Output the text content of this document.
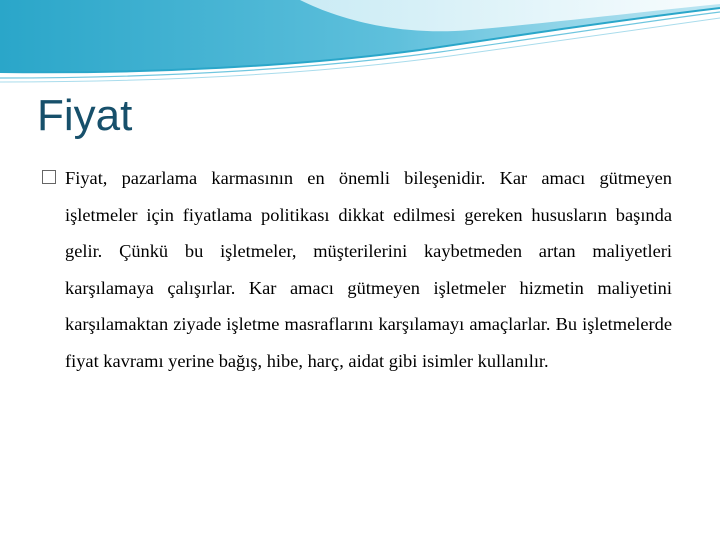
Fiyat
Fiyat, pazarlama karmasının en önemli bileşenidir. Kar amacı gütmeyen işletmeler için fiyatlama politikası dikkat edilmesi gereken hususların başında gelir. Çünkü bu işletmeler, müşterilerini kaybetmeden artan maliyetleri karşılamaya çalışırlar. Kar amacı gütmeyen işletmeler hizmetin maliyetini karşılamaktan ziyade işletme masraflarını karşılamayı amaçlarlar. Bu işletmelerde fiyat kavramı yerine bağış, hibe, harç, aidat gibi isimler kullanılır.
